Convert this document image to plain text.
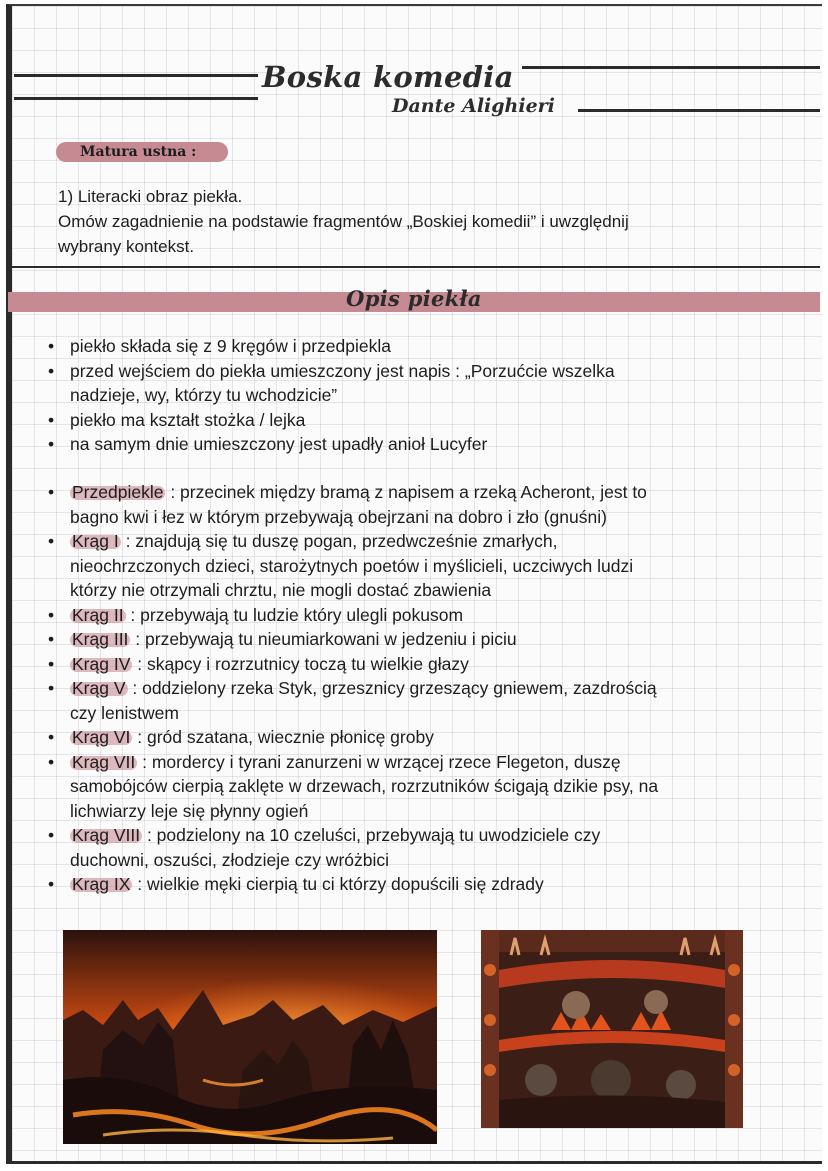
Boska komedia
Dante Alighieri
Matura ustna :
1) Literacki obraz piekła.
Omów zagadnienie na podstawie fragmentów „Boskiej komedii” i uwzględnij
wybrany kontekst.
Opis piekła
• piekło składa się z 9 kręgów i przedpiekla
• przed wejściem do piekła umieszczony jest napis : „Porzućcie wszelka
nadzieje, wy, którzy tu wchodzicie”
• piekło ma kształt stożka / lejka
• na samym dnie umieszczony jest upadły anioł Lucyfer
• Przedpiekle : przecinek między bramą z napisem a rzeką Acheront, jest to
bagno kwi i łez w którym przebywają obejrzani na dobro i zło (gnuśni)
• Krąg I : znajdują się tu duszę pogan, przedwcześnie zmarłych,
nieochrzczonych dzieci, starożytnych poetów i myślicieli, uczciwych ludzi
którzy nie otrzymali chrztu, nie mogli dostać zbawienia
• Krąg II : przebywają tu ludzie który ulegli pokusom
• Krąg III : przebywają tu nieumiarkowani w jedzeniu i piciu
• Krąg IV : skąpcy i rozrzutnicy toczą tu wielkie głazy
• Krąg V : oddzielony rzeka Styk, grzesznicy grzeszący gniewem, zazdrością
czy lenistwem
• Krąg VI : gród szatana, wiecznie płonicę groby
• Krąg VII : mordercy i tyrani zanurzeni w wrzącej rzece Flegeton, duszę
samobójców cierpią zaklęte w drzewach, rozrzutników ścigają dzikie psy, na
lichwiarzy leje się płynny ogień
• Krąg VIII : podzielony na 10 czeluści, przebywają tu uwodziciele czy
duchowni, oszuści, złodzieje czy wróżbici
• Krąg IX : wielkie męki cierpią tu ci którzy dopuścili się zdrady
